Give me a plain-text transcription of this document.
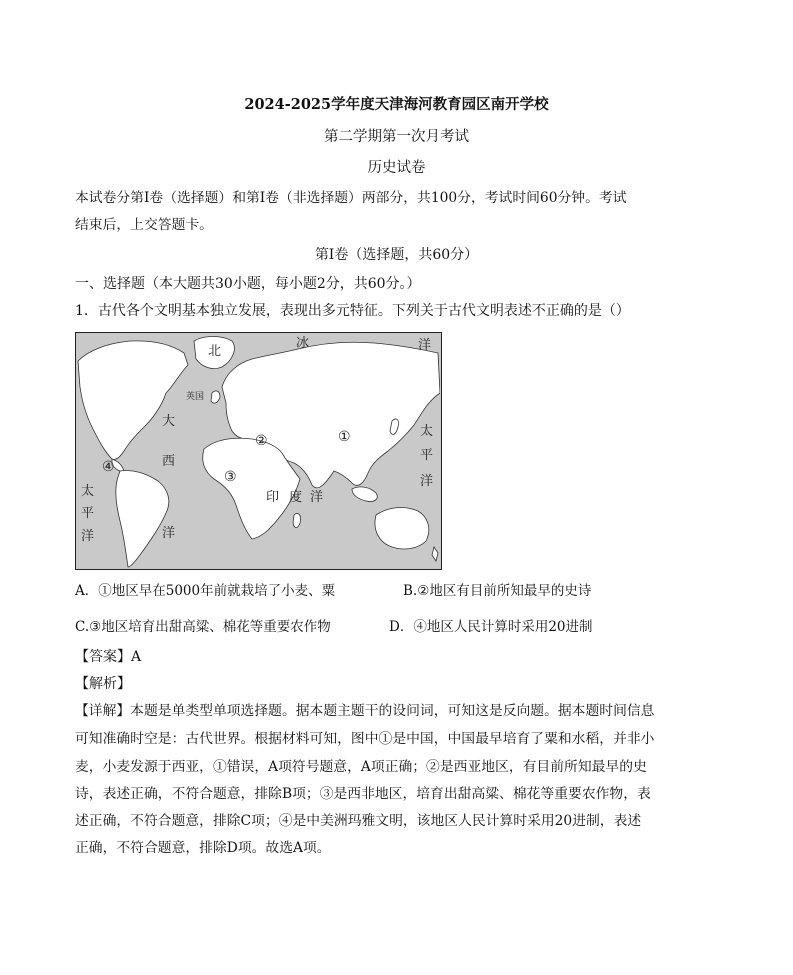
2024-2025学年度天津海河教育园区南开学校
第二学期第一次月考试
历史试卷
本试卷分第Ⅰ卷（选择题）和第Ⅰ卷（非选择题）两部分，共100分，考试时间60分钟。考试
结束后，上交答题卡。
第Ⅰ卷（选择题，共60分）
一、选择题（本大题共30小题，每小题2分，共60分。）
1．古代各个文明基本独立发展，表现出多元特征。下列关于古代文明表述不正确的是（）
北
冰	洋
英国
大
西
洋
印 度 洋
太
平
洋
太
平
洋
①
②
③
④
A．①地区早在5000年前就栽培了小麦、粟	B.②地区有目前所知最早的史诗
C.③地区培育出甜高粱、棉花等重要农作物	D．④地区人民计算时采用20进制
【答案】A
【解析】
【详解】本题是单类型单项选择题。据本题主题干的设问词，可知这是反向题。据本题时间信息
可知准确时空是：古代世界。根据材料可知，图中①是中国，中国最早培育了粟和水稻，并非小
麦，小麦发源于西亚，①错误，A项符号题意，A项正确；②是西亚地区，有目前所知最早的史
诗，表述正确，不符合题意，排除B项；③是西非地区，培育出甜高粱、棉花等重要农作物，表
述正确，不符合题意，排除C项；④是中美洲玛雅文明，该地区人民计算时采用20进制，表述
正确，不符合题意，排除D项。故选A项。
